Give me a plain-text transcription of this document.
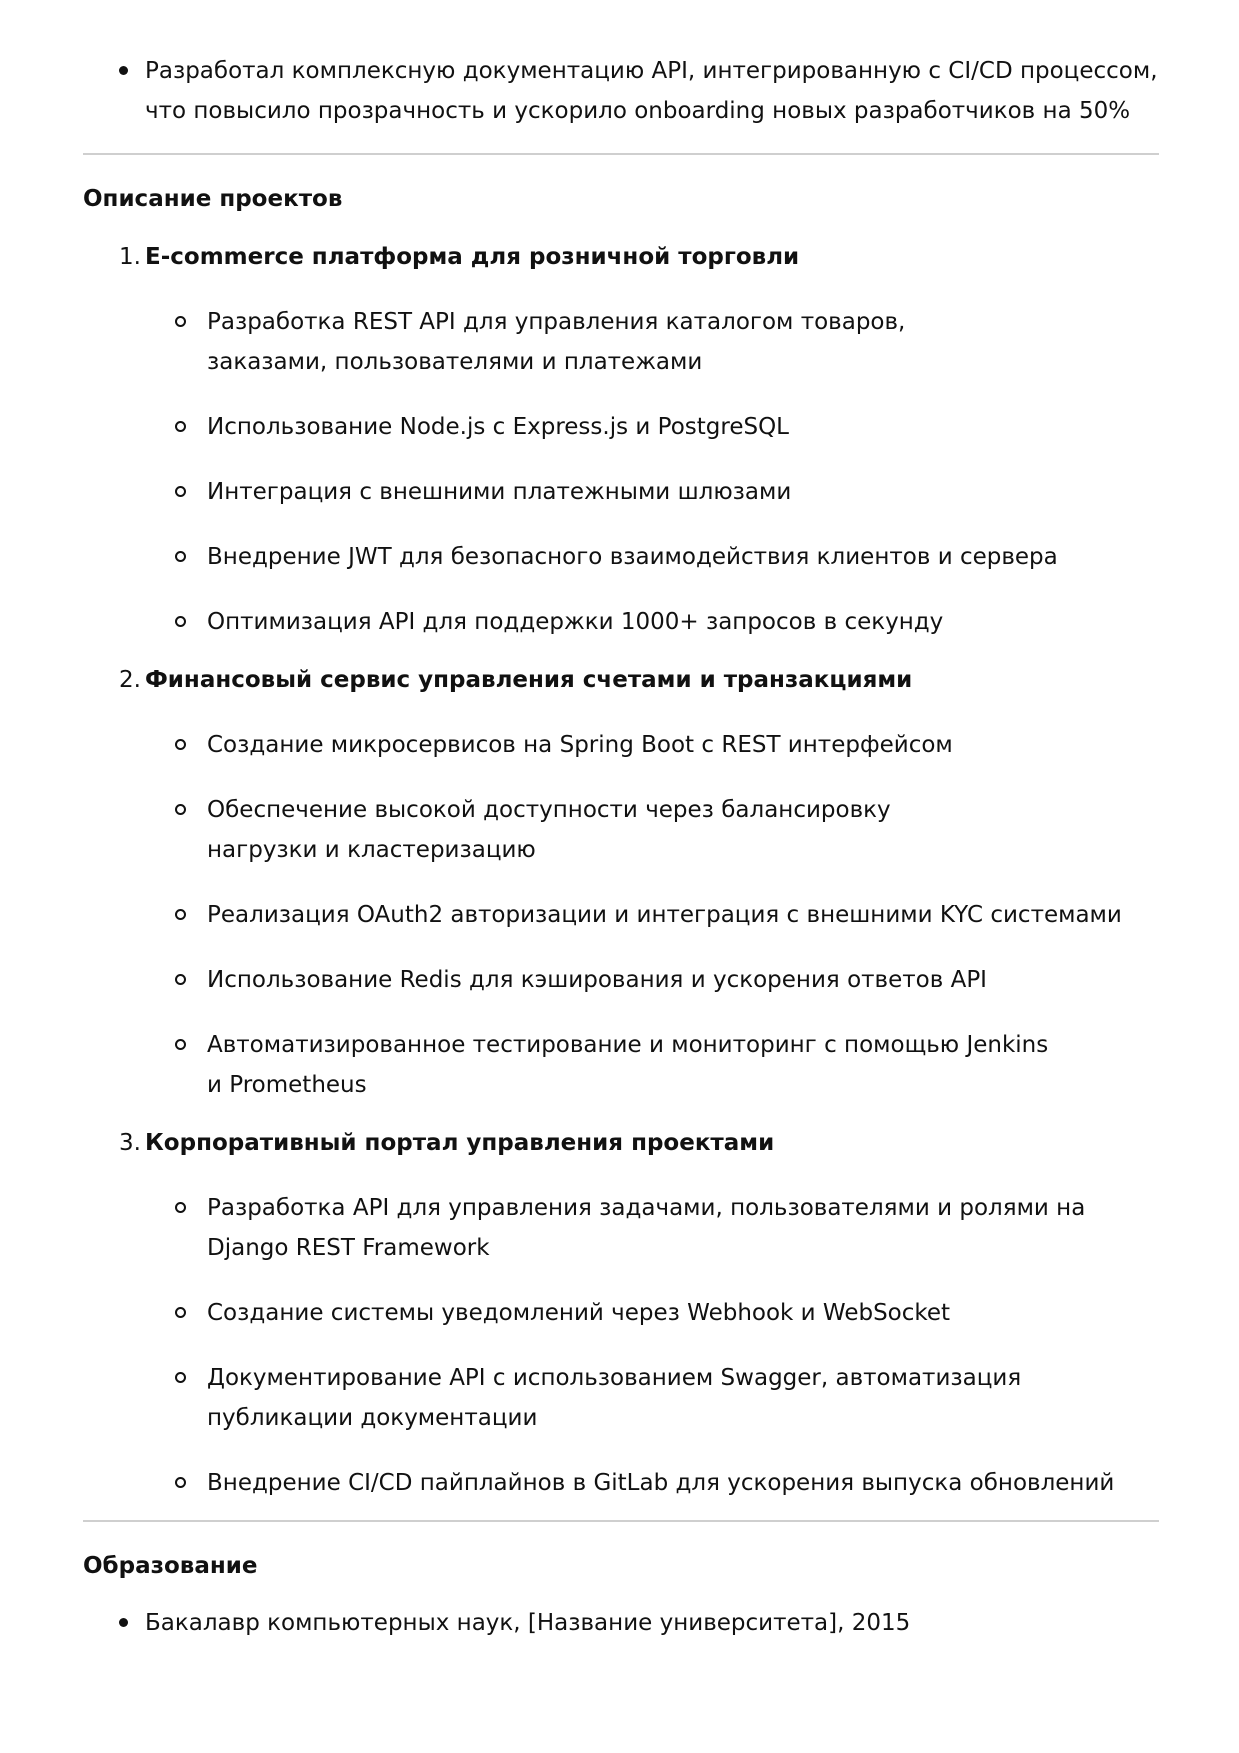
Разработал комплексную документацию API, интегрированную с CI/CD процессом, что повысило прозрачность и ускорило onboarding новых разработчиков на 50%
Описание проектов
1. E-commerce платформа для розничной торговли
Разработка REST API для управления каталогом товаров, заказами, пользователями и платежами
Использование Node.js с Express.js и PostgreSQL
Интеграция с внешними платежными шлюзами
Внедрение JWT для безопасного взаимодействия клиентов и сервера
Оптимизация API для поддержки 1000+ запросов в секунду
2. Финансовый сервис управления счетами и транзакциями
Создание микросервисов на Spring Boot с REST интерфейсом
Обеспечение высокой доступности через балансировку нагрузки и кластеризацию
Реализация OAuth2 авторизации и интеграция с внешними KYC системами
Использование Redis для кэширования и ускорения ответов API
Автоматизированное тестирование и мониторинг с помощью Jenkins и Prometheus
3. Корпоративный портал управления проектами
Разработка API для управления задачами, пользователями и ролями на Django REST Framework
Создание системы уведомлений через Webhook и WebSocket
Документирование API с использованием Swagger, автоматизация публикации документации
Внедрение CI/CD пайплайнов в GitLab для ускорения выпуска обновлений
Образование
Бакалавр компьютерных наук, [Название университета], 2015
